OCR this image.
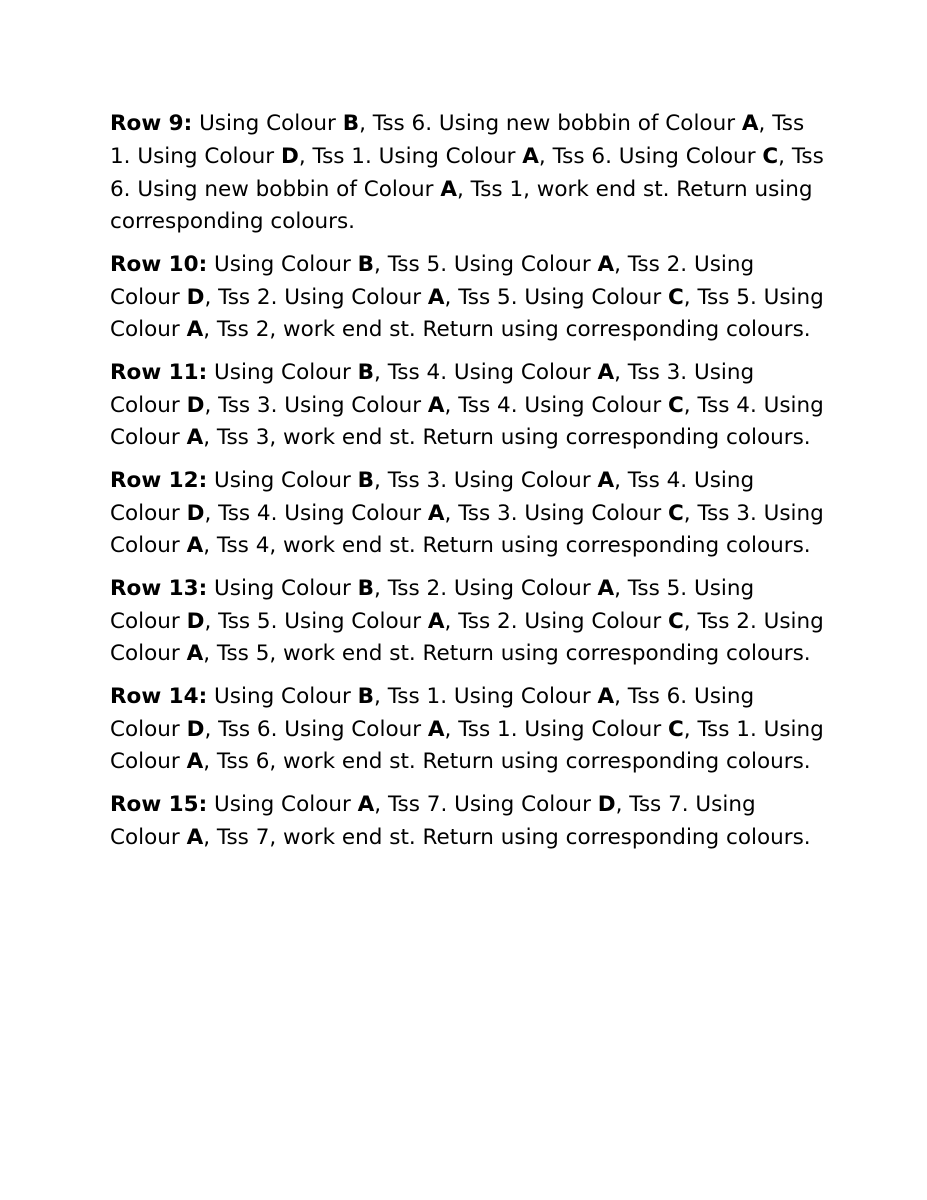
Row 9: Using Colour B, Tss 6. Using new bobbin of Colour A, Tss 1. Using Colour D, Tss 1. Using Colour A, Tss 6. Using Colour C, Tss 6. Using new bobbin of Colour A, Tss 1, work end st. Return using corresponding colours.

Row 10: Using Colour B, Tss 5. Using Colour A, Tss 2. Using Colour D, Tss 2. Using Colour A, Tss 5. Using Colour C, Tss 5. Using Colour A, Tss 2, work end st. Return using corresponding colours.

Row 11: Using Colour B, Tss 4. Using Colour A, Tss 3. Using Colour D, Tss 3. Using Colour A, Tss 4. Using Colour C, Tss 4. Using Colour A, Tss 3, work end st. Return using corresponding colours.

Row 12: Using Colour B, Tss 3. Using Colour A, Tss 4. Using Colour D, Tss 4. Using Colour A, Tss 3. Using Colour C, Tss 3. Using Colour A, Tss 4, work end st. Return using corresponding colours.

Row 13: Using Colour B, Tss 2. Using Colour A, Tss 5. Using Colour D, Tss 5. Using Colour A, Tss 2. Using Colour C, Tss 2. Using Colour A, Tss 5, work end st. Return using corresponding colours.

Row 14: Using Colour B, Tss 1. Using Colour A, Tss 6. Using Colour D, Tss 6. Using Colour A, Tss 1. Using Colour C, Tss 1. Using Colour A, Tss 6, work end st. Return using corresponding colours.

Row 15: Using Colour A, Tss 7. Using Colour D, Tss 7. Using Colour A, Tss 7, work end st. Return using corresponding colours.
